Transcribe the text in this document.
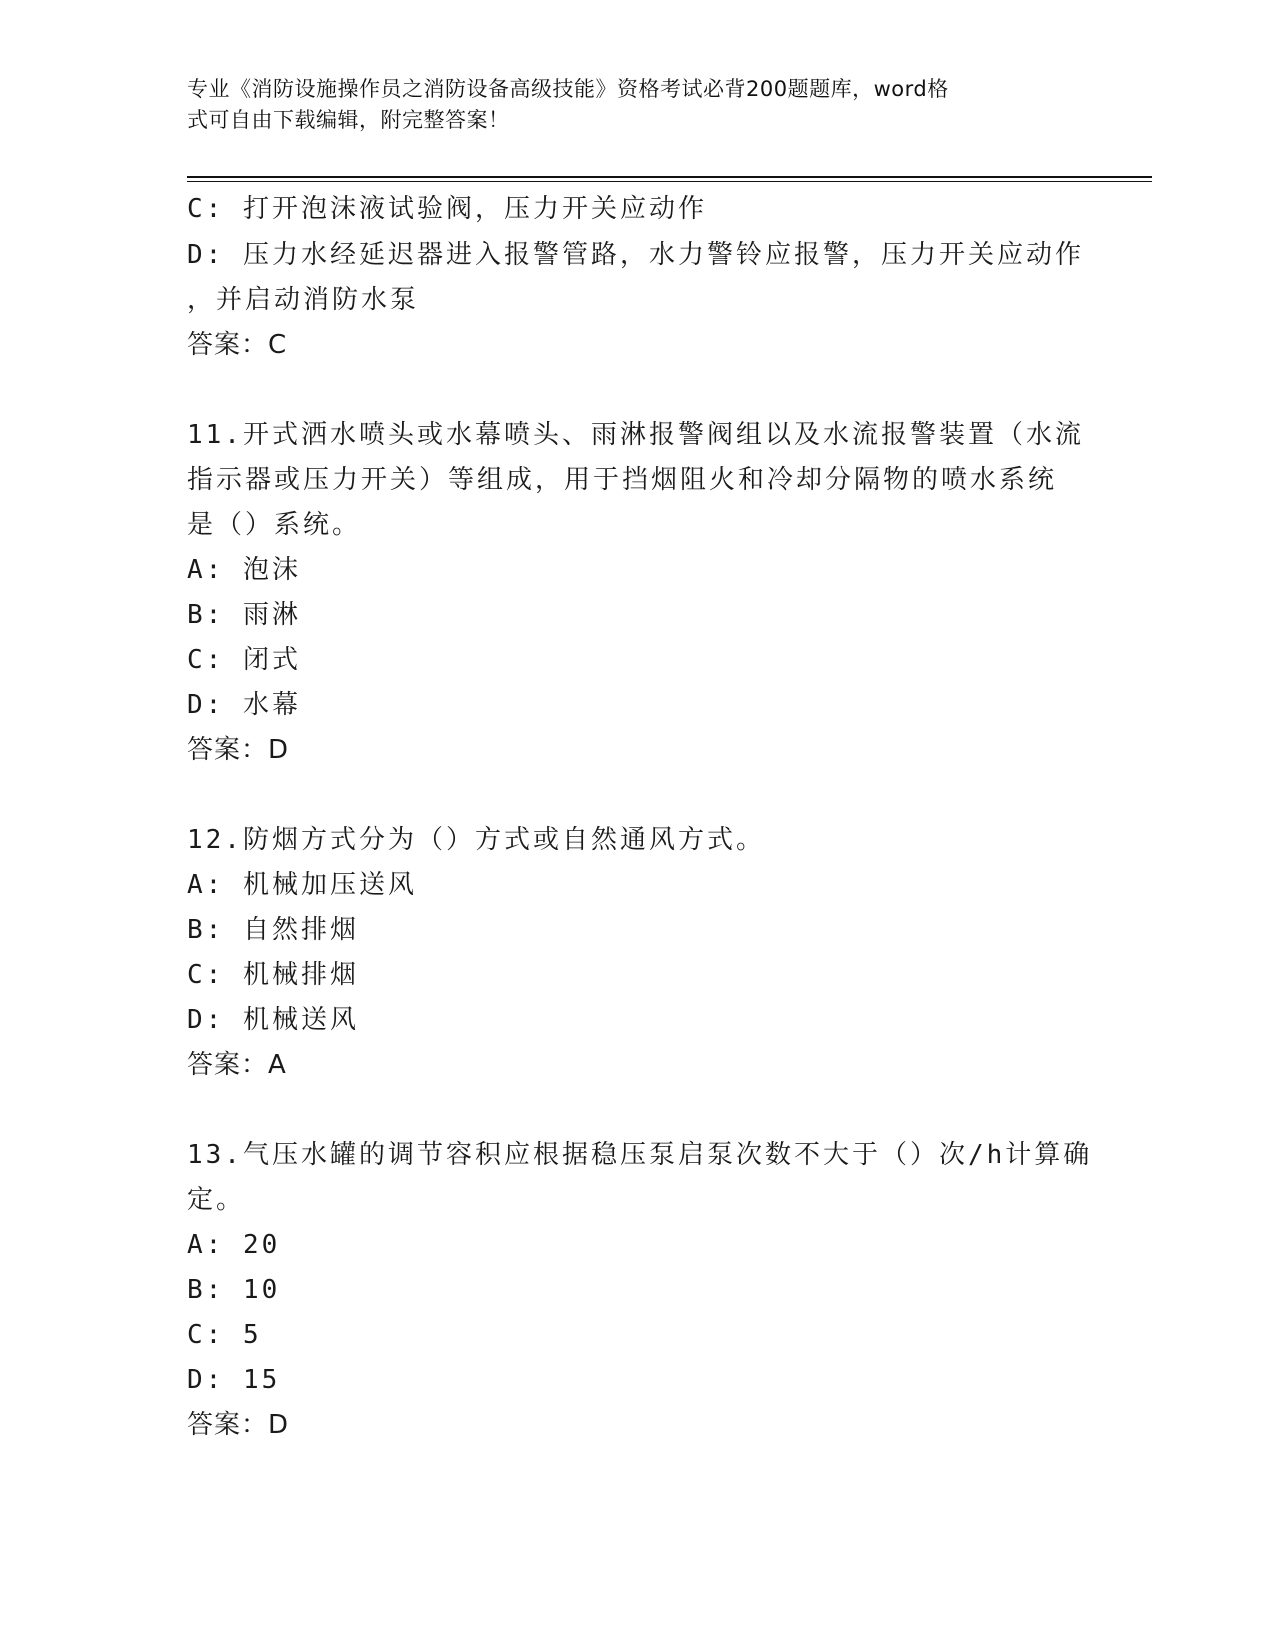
专业《消防设施操作员之消防设备高级技能》资格考试必背200题题库，word格
式可自由下载编辑，附完整答案！
C: 打开泡沫液试验阀，压力开关应动作
D: 压力水经延迟器进入报警管路，水力警铃应报警，压力开关应动作
，并启动消防水泵
答案：C
11.开式洒水喷头或水幕喷头、雨淋报警阀组以及水流报警装置（水流
指示器或压力开关）等组成，用于挡烟阻火和冷却分隔物的喷水系统
是（）系统。
A: 泡沫
B: 雨淋
C: 闭式
D: 水幕
答案：D
12.防烟方式分为（）方式或自然通风方式。
A: 机械加压送风
B: 自然排烟
C: 机械排烟
D: 机械送风
答案：A
13.气压水罐的调节容积应根据稳压泵启泵次数不大于（）次/h计算确
定。
A: 20
B: 10
C: 5
D: 15
答案：D
